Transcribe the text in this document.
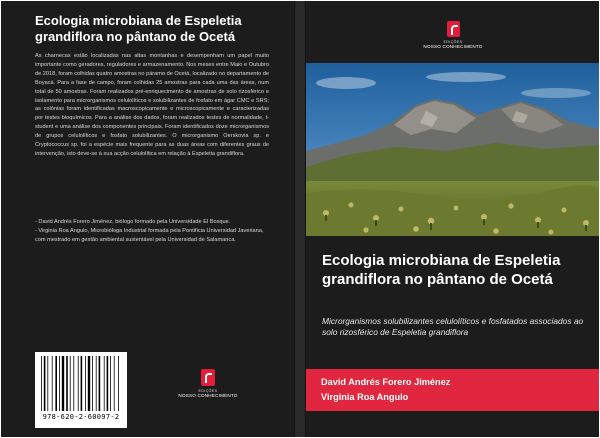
Ecologia microbiana de Espeletia grandiflora no pântano de Ocetá

As charnecas estão localizadas nas altas montanhas e desempenham um papel muito importante como geradores, reguladores e armazenamento. Nos meses entre Maio e Outubro de 2018, foram colhidas quatro amostras no páramo de Ocetá, localizado no departamento de Boyacá. Para a fase de campo, foram colhidas 25 amostras para cada uma das áreas, num total de 50 amostras. Foram realizados pré-enriquecimento de amostras de solo rizosférico e isolamento para microrganismos celulolíticos e solubilizantes de fosfato em ágar CMC e SRS; as colónias foram identificadas macroscopicamente e microscopicamente e caracterizadas por testes bioquímicos. Para a análise dos dados, foram realizados testes de normalidade, t-student e uma análise dos componentes principais. Foram identificados doze microrganismos de grupos celulolíticos e fosfato solubilizantes. O microrganismo Oerskovia sp. e Cryptococcus sp. foi a espécie mais frequente para as duas áreas com diferentes graus de intervenção, isto deve-se à sua acção celulolítica em relação à Espeletia grandiflora.

- David Andrés Forero Jiménez, biólogo formado pela Universidade El Bosque.

- Virginia Roa Angulo, Microbióloga Industrial formada pela Pontificia Universidad Javeriana, com mestrado em gestão ambiental sustentável pela Universidad de Salamanca.

978-620-2-60097-2
EDIÇÕES
NOSSO CONHECIMENTO
EDIÇÕES
NOSSO CONHECIMENTO
Ecologia microbiana de Espeletia grandiflora no pântano de Ocetá

Microrganismos solubilizantes celulolíticos e fosfatados associados ao solo rizosférico de Espeletia grandiflora

David Andrés Forero Jiménez

Virginia Roa Angulo
